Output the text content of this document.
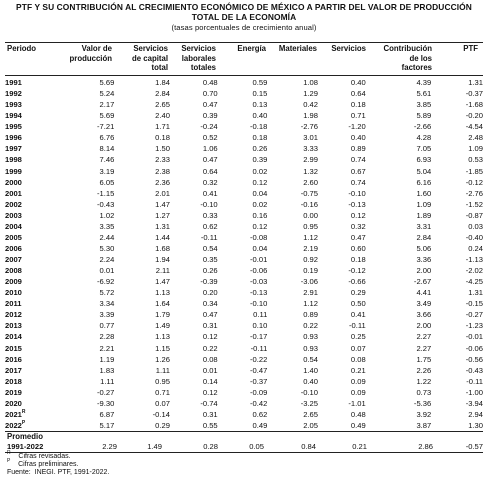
PTF Y SU CONTRIBUCIÓN AL CRECIMIENTO ECONÓMICO DE MÉXICO A PARTIR DEL VALOR DE PRODUCCIÓN
TOTAL DE LA ECONOMÍA
(tasas porcentuales de crecimiento anual)
Periodo	Valor de
producción
Servicios
de capital
total
Servicios
laborales
totales
Energía	Materiales	Servicios	Contribución
de los
factores
PTF
1991	5.69	1.84	0.48	0.59	1.08	0.40	4.39	1.31
1992	5.24	2.84	0.70	0.15	1.29	0.64	5.61	-0.37
1993	2.17	2.65	0.47	0.13	0.42	0.18	3.85	-1.68
1994	5.69	2.40	0.39	0.40	1.98	0.71	5.89	-0.20
1995	-7.21	1.71	-0.24	-0.18	-2.76	-1.20	-2.66	-4.54
1996	6.76	0.18	0.52	0.18	3.01	0.40	4.28	2.48
1997	8.14	1.50	1.06	0.26	3.33	0.89	7.05	1.09
1998	7.46	2.33	0.47	0.39	2.99	0.74	6.93	0.53
1999	3.19	2.38	0.64	0.02	1.32	0.67	5.04	-1.85
2000	6.05	2.36	0.32	0.12	2.60	0.74	6.16	-0.12
2001	-1.15	2.01	0.41	0.04	-0.75	-0.10	1.60	-2.76
2002	-0.43	1.47	-0.10	0.02	-0.16	-0.13	1.09	-1.52
2003	1.02	1.27	0.33	0.16	0.00	0.12	1.89	-0.87
2004	3.35	1.31	0.62	0.12	0.95	0.32	3.31	0.03
2005	2.44	1.44	-0.11	-0.08	1.12	0.47	2.84	-0.40
2006	5.30	1.68	0.54	0.04	2.19	0.60	5.06	0.24
2007	2.24	1.94	0.35	-0.01	0.92	0.18	3.36	-1.13
2008	0.01	2.11	0.26	-0.06	0.19	-0.12	2.00	-2.02
2009	-6.92	1.47	-0.39	-0.03	-3.06	-0.66	-2.67	-4.25
2010	5.72	1.13	0.20	-0.13	2.91	0.29	4.41	1.31
2011	3.34	1.64	0.34	-0.10	1.12	0.50	3.49	-0.15
2012	3.39	1.79	0.47	0.11	0.89	0.41	3.66	-0.27
2013	0.77	1.49	0.31	0.10	0.22	-0.11	2.00	-1.23
2014	2.28	1.13	0.12	-0.17	0.93	0.25	2.27	-0.01
2015	2.21	1.15	0.22	-0.11	0.93	0.07	2.27	-0.06
2016	1.19	1.26	0.08	-0.22	0.54	0.08	1.75	-0.56
2017	1.83	1.11	0.01	-0.47	1.40	0.21	2.26	-0.43
2018	1.11	0.95	0.14	-0.37	0.40	0.09	1.22	-0.11
2019	-0.27	0.71	0.12	-0.09	-0.10	0.09	0.73	-1.00
2020	-9.30	0.07	-0.74	-0.42	-3.25	-1.01	-5.36	-3.94
$2021^R$	6.87	-0.14	0.31	0.62	2.65	0.48	3.92	2.94
$2022^P$	5.17	0.29	0.55	0.49	2.05	0.49	3.87	1.30
Promedio
1991-2022	2.29	1.49	0.28	0.05	0.84	0.21	2.86	-0.57
$^R$ Cifras revisadas.
$^P$ Cifras preliminares.
Fuente: INEGI. PTF, 1991-2022.
